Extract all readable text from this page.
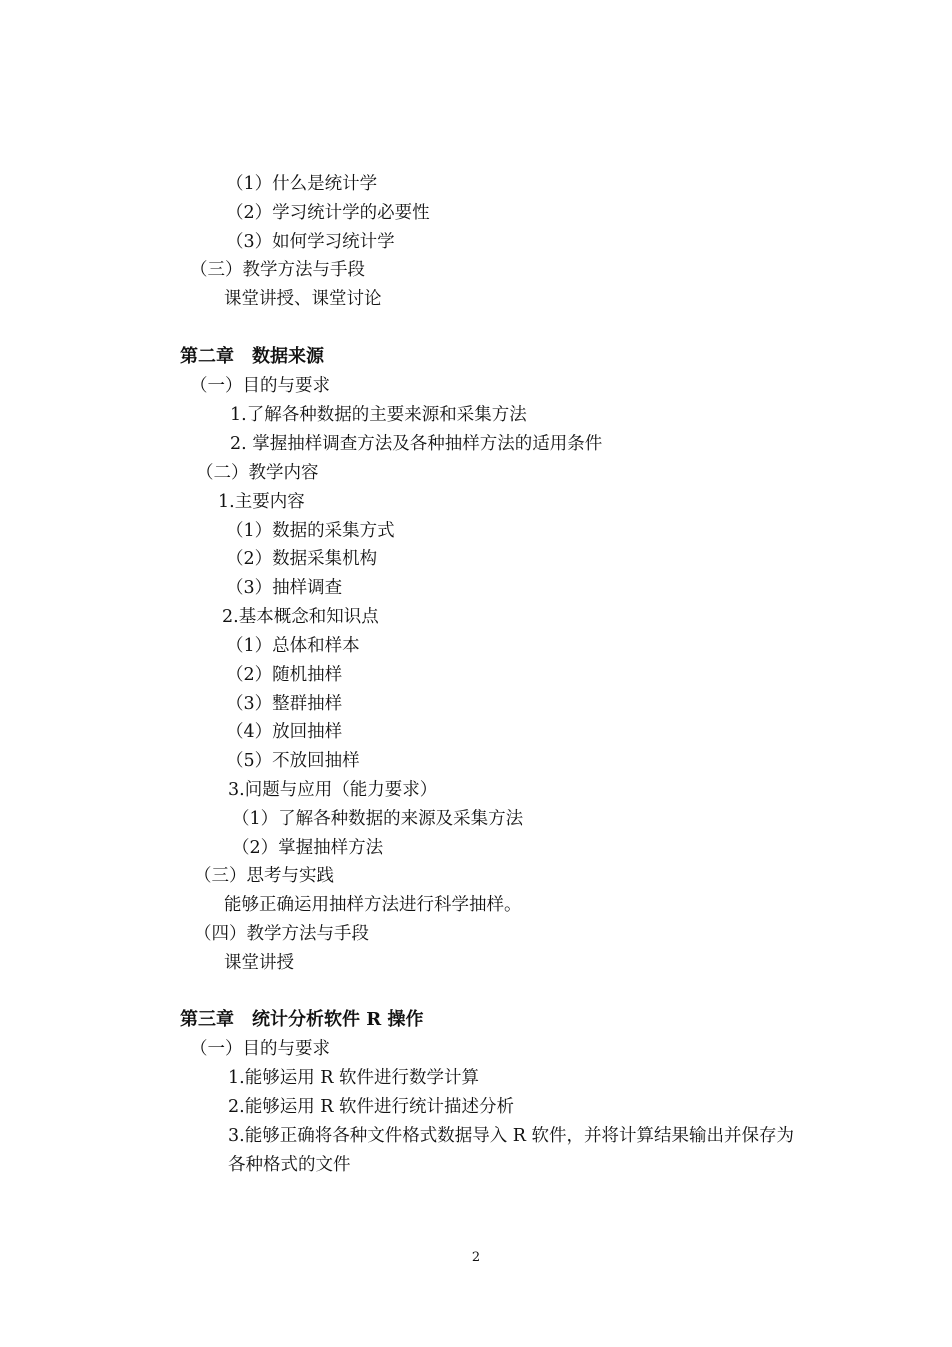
（1）什么是统计学
（2）学习统计学的必要性
（3）如何学习统计学
（三）教学方法与手段
课堂讲授、课堂讨论
第二章　数据来源
（一）目的与要求
1.了解各种数据的主要来源和采集方法
2. 掌握抽样调查方法及各种抽样方法的适用条件
（二）教学内容
1.主要内容
（1）数据的采集方式
（2）数据采集机构
（3）抽样调查
2.基本概念和知识点
（1）总体和样本
（2）随机抽样
（3）整群抽样
（4）放回抽样
（5）不放回抽样
3.问题与应用（能力要求）
（1）了解各种数据的来源及采集方法
（2）掌握抽样方法
（三）思考与实践
能够正确运用抽样方法进行科学抽样。
（四）教学方法与手段
课堂讲授
第三章　统计分析软件 R 操作
（一）目的与要求
1.能够运用 R 软件进行数学计算
2.能够运用 R 软件进行统计描述分析
3.能够正确将各种文件格式数据导入 R 软件，并将计算结果输出并保存为
各种格式的文件
2
